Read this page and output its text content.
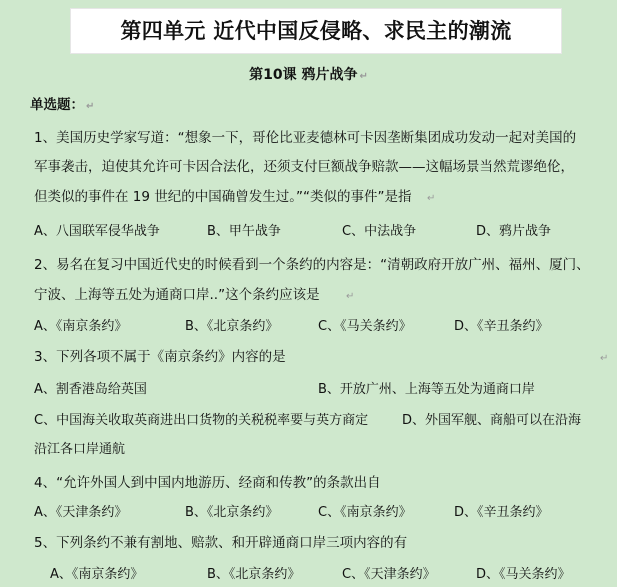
第四单元 近代中国反侵略、求民主的潮流
第10课 鸦片战争 ↵
单选题： ↵
1、美国历史学家写道：“想象一下，哥伦比亚麦德林可卡因垄断集团成功发动一起对美国的
军事袭击，迫使其允许可卡因合法化，还须支付巨额战争赔款——这幅场景当然荒谬绝伦，
但类似的事件在 19 世纪的中国确曾发生过。”“类似的事件”是指 ↵
A、八国联军侵华战争	B、甲午战争	C、中法战争	D、鸦片战争
2、易名在复习中国近代史的时候看到一个条约的内容是：“清朝政府开放广州、福州、厦门、
宁波、上海等五处为通商口岸..”这个条约应该是	↵
A、《南京条约》	B、《北京条约》	C、《马关条约》	D、《辛丑条约》
3、下列各项不属于《南京条约》内容的是	↵
A、割香港岛给英国	B、开放广州、上海等五处为通商口岸
C、中国海关收取英商进出口货物的关税税率要与英方商定	D、外国军舰、商船可以在沿海
沿江各口岸通航
4、“允许外国人到中国内地游历、经商和传教”的条款出自
A、《天津条约》	B、《北京条约》	C、《南京条约》	D、《辛丑条约》
5、下列条约不兼有割地、赔款、和开辟通商口岸三项内容的有
A、《南京条约》	B、《北京条约》	C、《天津条约》	D、《马关条约》
